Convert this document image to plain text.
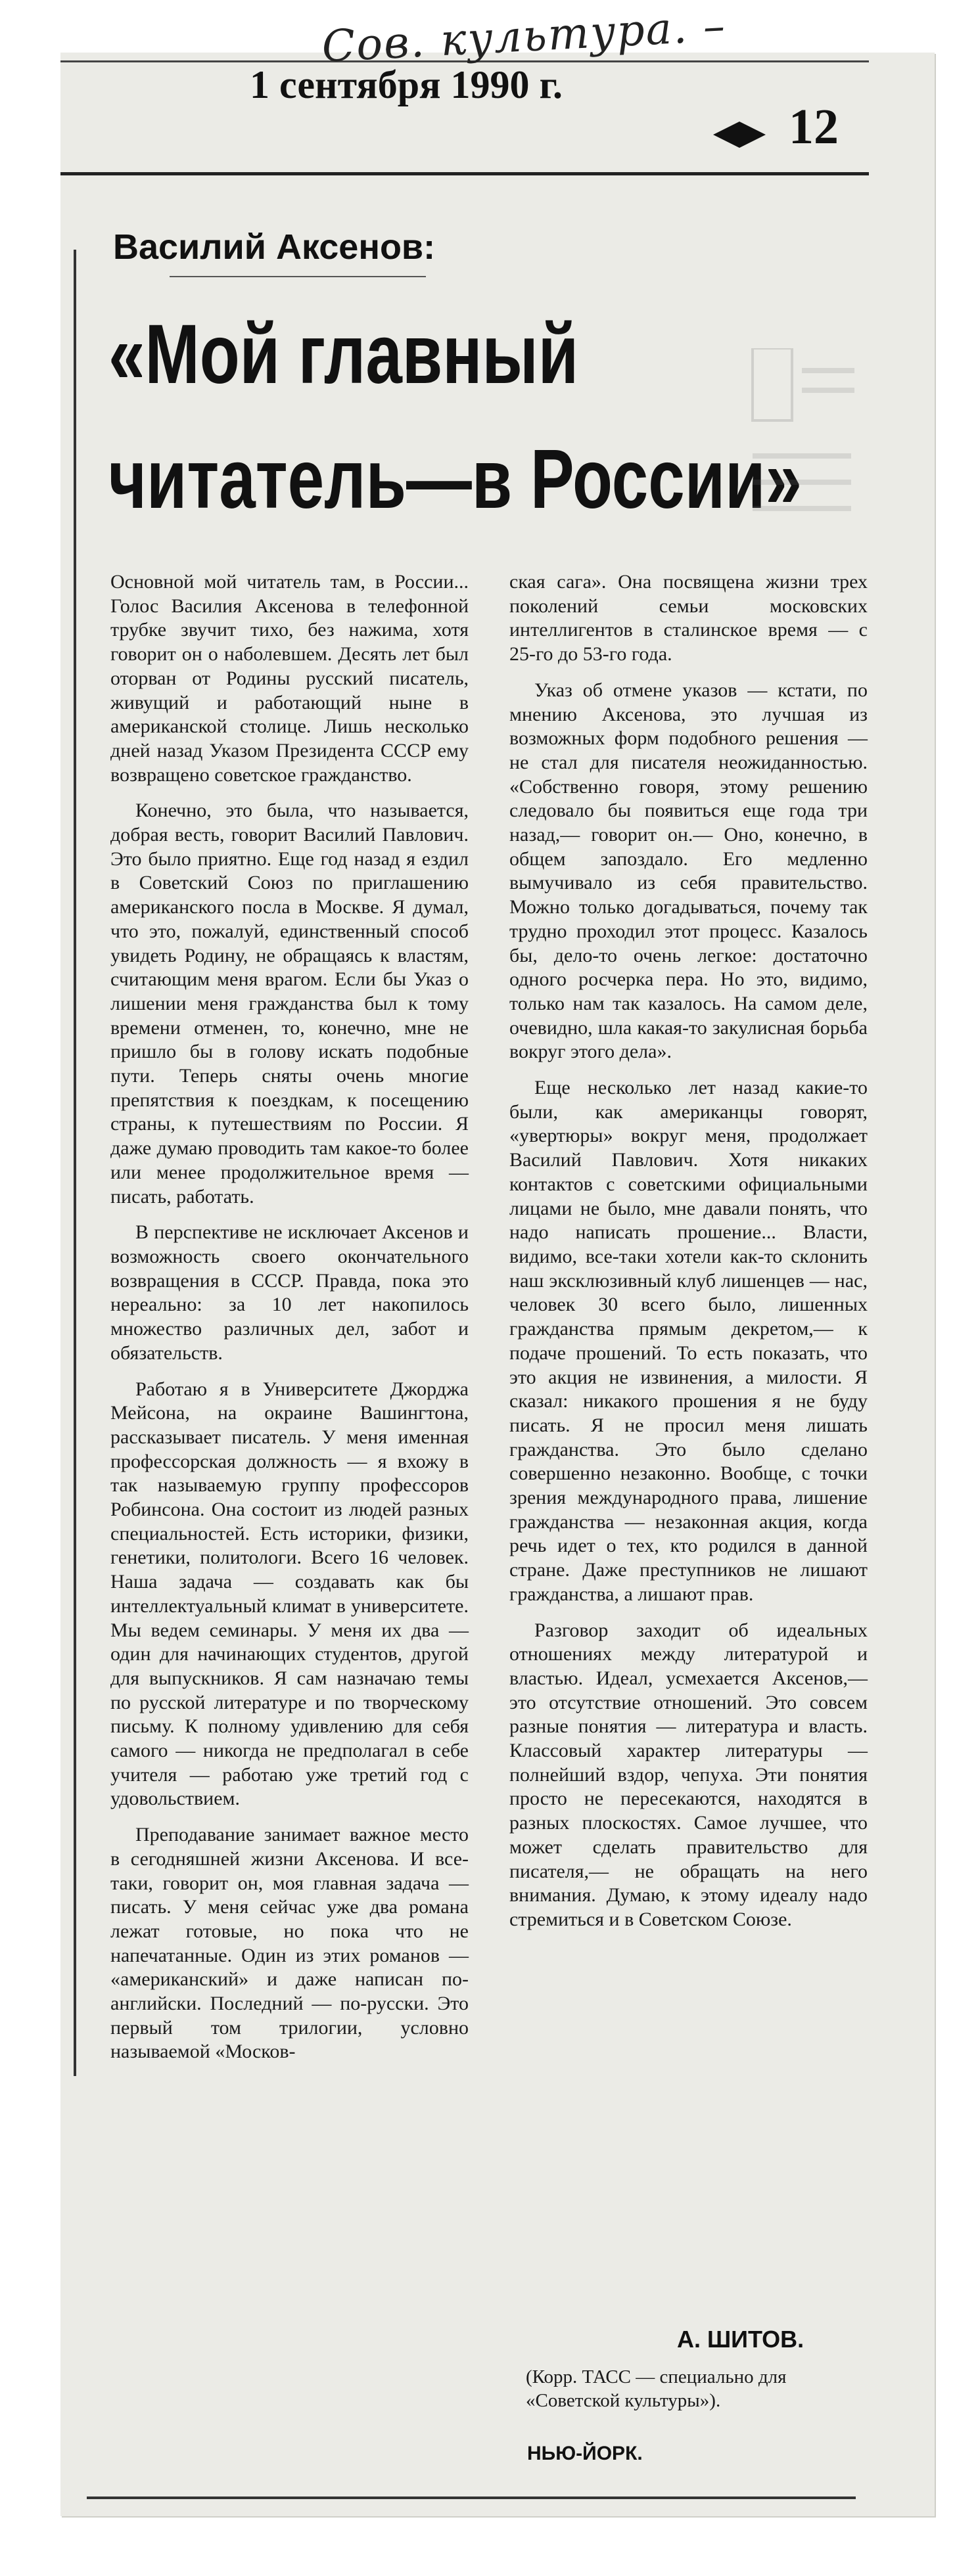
Сов. культура. –
1 сентября 1990 г.
12
Василий Аксенов:
«Мой главный
читатель—в России»

Основной мой читатель там, в России... Голос Василия Аксенова в телефонной трубке звучит тихо, без нажима, хотя говорит он о наболевшем. Десять лет был оторван от Родины русский писатель, живущий и работающий ныне в американской столице. Лишь несколько дней назад Указом Президента СССР ему возвращено советское гражданство.

Конечно, это была, что называется, добрая весть, говорит Василий Павлович. Это было приятно. Еще год назад я ездил в Советский Союз по приглашению американского посла в Москве. Я думал, что это, пожалуй, единственный способ увидеть Родину, не обращаясь к властям, считающим меня врагом. Если бы Указ о лишении меня гражданства был к тому времени отменен, то, конечно, мне не пришло бы в голову искать подобные пути. Теперь сняты очень многие препятствия к поездкам, к посещению страны, к путешествиям по России. Я даже думаю проводить там какое-то более или менее продолжительное время — писать, работать.

В перспективе не исключает Аксенов и возможность своего окончательного возвращения в СССР. Правда, пока это нереально: за 10 лет накопилось множество различных дел, забот и обязательств.

Работаю я в Университете Джорджа Мейсона, на окраине Вашингтона, рассказывает писатель. У меня именная профессорская должность — я вхожу в так называемую группу профессоров Робинсона. Она состоит из людей разных специальностей. Есть историки, физики, генетики, политологи. Всего 16 человек. Наша задача — создавать как бы интеллектуальный климат в университете. Мы ведем семинары. У меня их два — один для начинающих студентов, другой для выпускников. Я сам назначаю темы по русской литературе и по творческому письму. К полному удивлению для себя самого — никогда не предполагал в себе учителя — работаю уже третий год с удовольствием.

Преподавание занимает важное место в сегодняшней жизни Аксенова. И все-таки, говорит он, моя главная задача — писать. У меня сейчас уже два романа лежат готовые, но пока что не напечатанные. Один из этих романов — «американский» и даже написан по-английски. Последний — по-русски. Это первый том трилогии, условно называемой «Москов-

ская сага». Она посвящена жизни трех поколений семьи московских интеллигентов в сталинское время — с 25-го до 53-го года.

Указ об отмене указов — кстати, по мнению Аксенова, это лучшая из возможных форм подобного решения — не стал для писателя неожиданностью. «Собственно говоря, этому решению следовало бы появиться еще года три назад,— говорит он.— Оно, конечно, в общем запоздало. Его медленно вымучивало из себя правительство. Можно только догадываться, почему так трудно проходил этот процесс. Казалось бы, дело-то очень легкое: достаточно одного росчерка пера. Но это, видимо, только нам так казалось. На самом деле, очевидно, шла какая-то закулисная борьба вокруг этого дела».

Еще несколько лет назад какие-то были, как американцы говорят, «увертюры» вокруг меня, продолжает Василий Павлович. Хотя никаких контактов с советскими официальными лицами не было, мне давали понять, что надо написать прошение... Власти, видимо, все-таки хотели как-то склонить наш эксклюзивный клуб лишенцев — нас, человек 30 всего было, лишенных гражданства прямым декретом,— к подаче прошений. То есть показать, что это акция не извинения, а милости. Я сказал: никакого прошения я не буду писать. Я не просил меня лишать гражданства. Это было сделано совершенно незаконно. Вообще, с точки зрения международного права, лишение гражданства — незаконная акция, когда речь идет о тех, кто родился в данной стране. Даже преступников не лишают гражданства, а лишают прав.

Разговор заходит об идеальных отношениях между литературой и властью. Идеал, усмехается Аксенов,— это отсутствие отношений. Это совсем разные понятия — литература и власть. Классовый характер литературы — полнейший вздор, чепуха. Эти понятия просто не пересекаются, находятся в разных плоскостях. Самое лучшее, что может сделать правительство для писателя,— не обращать на него внимания. Думаю, к этому идеалу надо стремиться и в Советском Союзе.

А. ШИТОВ.
(Корр. ТАСС — специально для «Советской культуры»).
НЬЮ-ЙОРК.
